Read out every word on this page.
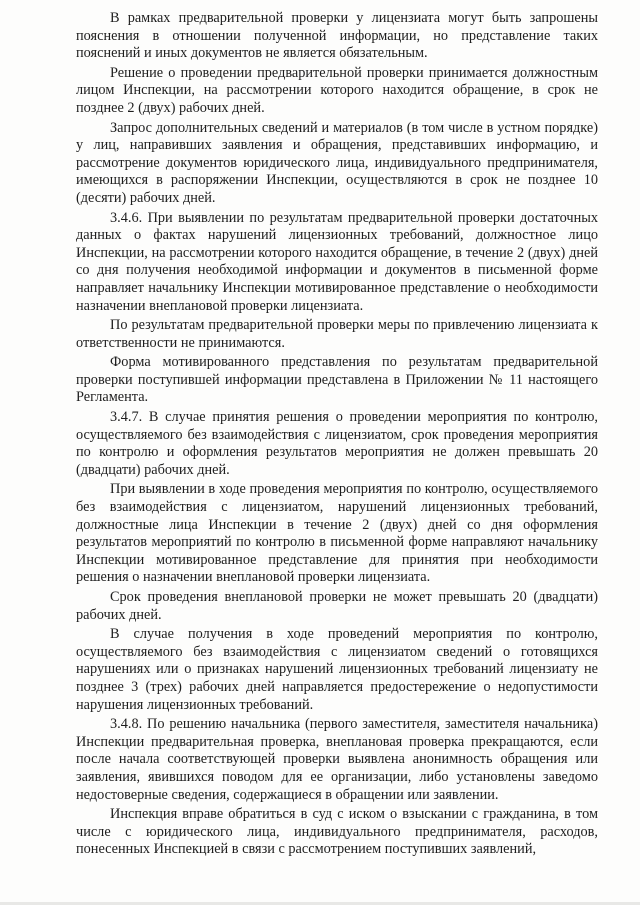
В рамках предварительной проверки у лицензиата могут быть запрошены пояснения в отношении полученной информации, но представление таких пояснений и иных документов не является обязательным.

Решение о проведении предварительной проверки принимается должностным лицом Инспекции, на рассмотрении которого находится обращение, в срок не позднее 2 (двух) рабочих дней.

Запрос дополнительных сведений и материалов (в том числе в устном порядке) у лиц, направивших заявления и обращения, представивших информацию, и рассмотрение документов юридического лица, индивидуального предпринимателя, имеющихся в распоряжении Инспекции, осуществляются в срок не позднее 10 (десяти) рабочих дней.

3.4.6. При выявлении по результатам предварительной проверки достаточных данных о фактах нарушений лицензионных требований, должностное лицо Инспекции, на рассмотрении которого находится обращение, в течение 2 (двух) дней со дня получения необходимой информации и документов в письменной форме направляет начальнику Инспекции мотивированное представление о необходимости назначении внеплановой проверки лицензиата.

По результатам предварительной проверки меры по привлечению лицензиата к ответственности не принимаются.

Форма мотивированного представления по результатам предварительной проверки поступившей информации представлена в Приложении № 11 настоящего Регламента.

3.4.7. В случае принятия решения о проведении мероприятия по контролю, осуществляемого без взаимодействия с лицензиатом, срок проведения мероприятия по контролю и оформления результатов мероприятия не должен превышать 20 (двадцати) рабочих дней.

При выявлении в ходе проведения мероприятия по контролю, осуществляемого без взаимодействия с лицензиатом, нарушений лицензионных требований, должностные лица Инспекции в течение 2 (двух) дней со дня оформления результатов мероприятий по контролю в письменной форме направляют начальнику Инспекции мотивированное представление для принятия при необходимости решения о назначении внеплановой проверки лицензиата.

Срок проведения внеплановой проверки не может превышать 20 (двадцати) рабочих дней.

В случае получения в ходе проведений мероприятия по контролю, осуществляемого без взаимодействия с лицензиатом сведений о готовящихся нарушениях или о признаках нарушений лицензионных требований лицензиату не позднее 3 (трех) рабочих дней направляется предостережение о недопустимости нарушения лицензионных требований.

3.4.8. По решению начальника (первого заместителя, заместителя начальника) Инспекции предварительная проверка, внеплановая проверка прекращаются, если после начала соответствующей проверки выявлена анонимность обращения или заявления, явившихся поводом для ее организации, либо установлены заведомо недостоверные сведения, содержащиеся в обращении или заявлении.

Инспекция вправе обратиться в суд с иском о взыскании с гражданина, в том числе с юридического лица, индивидуального предпринимателя, расходов, понесенных Инспекцией в связи с рассмотрением поступивших заявлений,
